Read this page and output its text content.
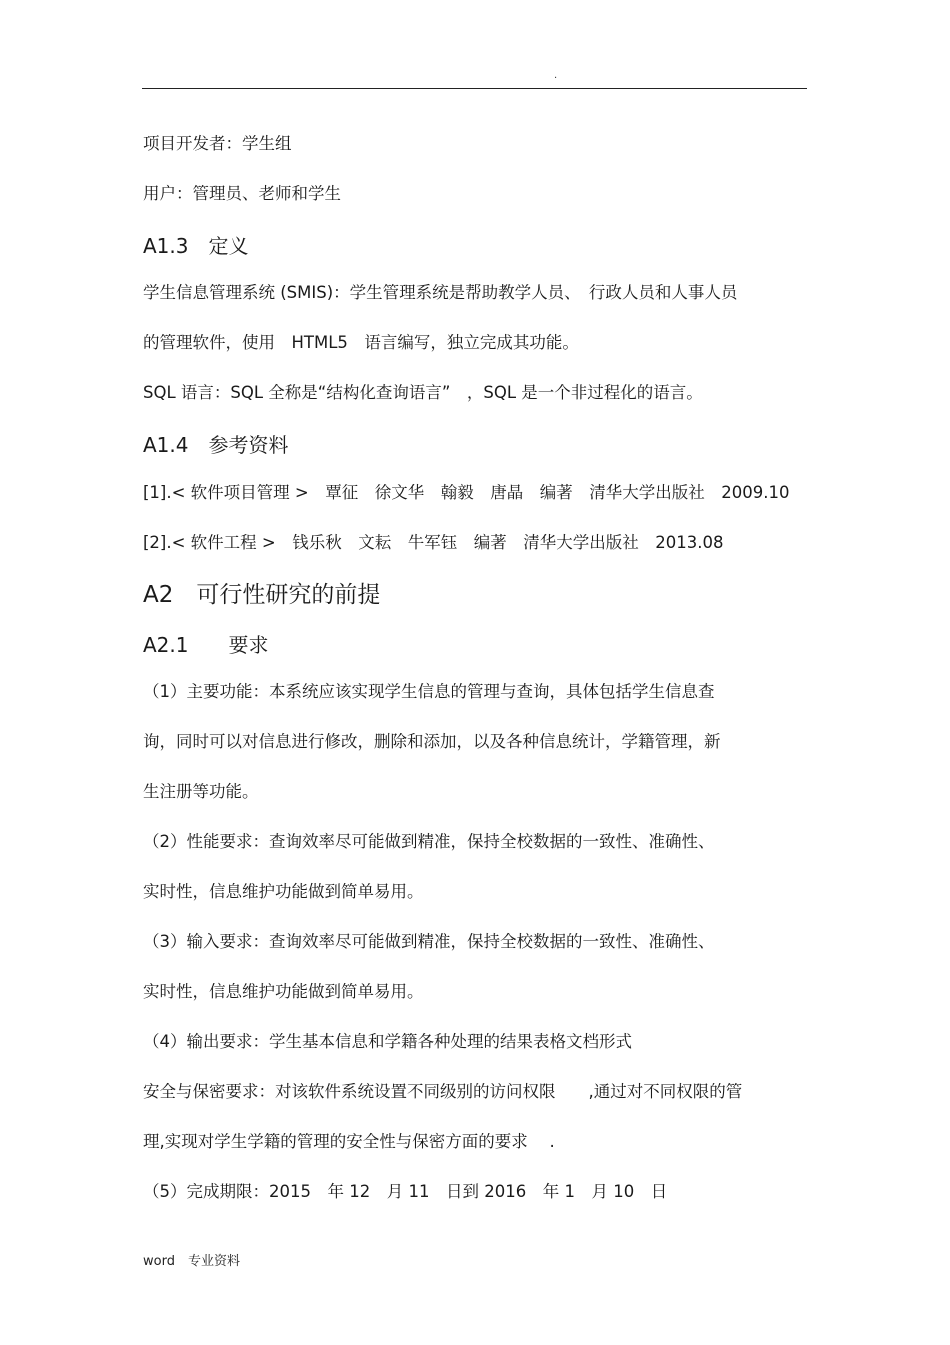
.
项目开发者：学生组
用户：管理员、老师和学生
A1.3　定义
学生信息管理系统 (SMIS)：学生管理系统是帮助教学人员、　行政人员和人事人员
的管理软件，使用　HTML5　语言编写，独立完成其功能。
SQL 语言：SQL 全称是“结构化查询语言”　，SQL 是一个非过程化的语言。
A1.4　参考资料
[1].< 软件项目管理 >　覃征　徐文华　翰毅　唐晶　编著　清华大学出版社　2009.10
[2].< 软件工程 >　钱乐秋　文耘　牛军钰　编著　清华大学出版社　2013.08
A2　可行性研究的前提
A2.1　　要求
（1）主要功能：本系统应该实现学生信息的管理与查询，具体包括学生信息查
询，同时可以对信息进行修改，删除和添加，以及各种信息统计，学籍管理，新
生注册等功能。
（2）性能要求：查询效率尽可能做到精准，保持全校数据的一致性、准确性、
实时性，信息维护功能做到简单易用。
（3）输入要求：查询效率尽可能做到精准，保持全校数据的一致性、准确性、
实时性，信息维护功能做到简单易用。
（4）输出要求：学生基本信息和学籍各种处理的结果表格文档形式
安全与保密要求：对该软件系统设置不同级别的访问权限　　,通过对不同权限的管
理,实现对学生学籍的管理的安全性与保密方面的要求　 .
（5）完成期限：2015　年 12　月 11　日到 2016　年 1　月 10　日
word　专业资料
